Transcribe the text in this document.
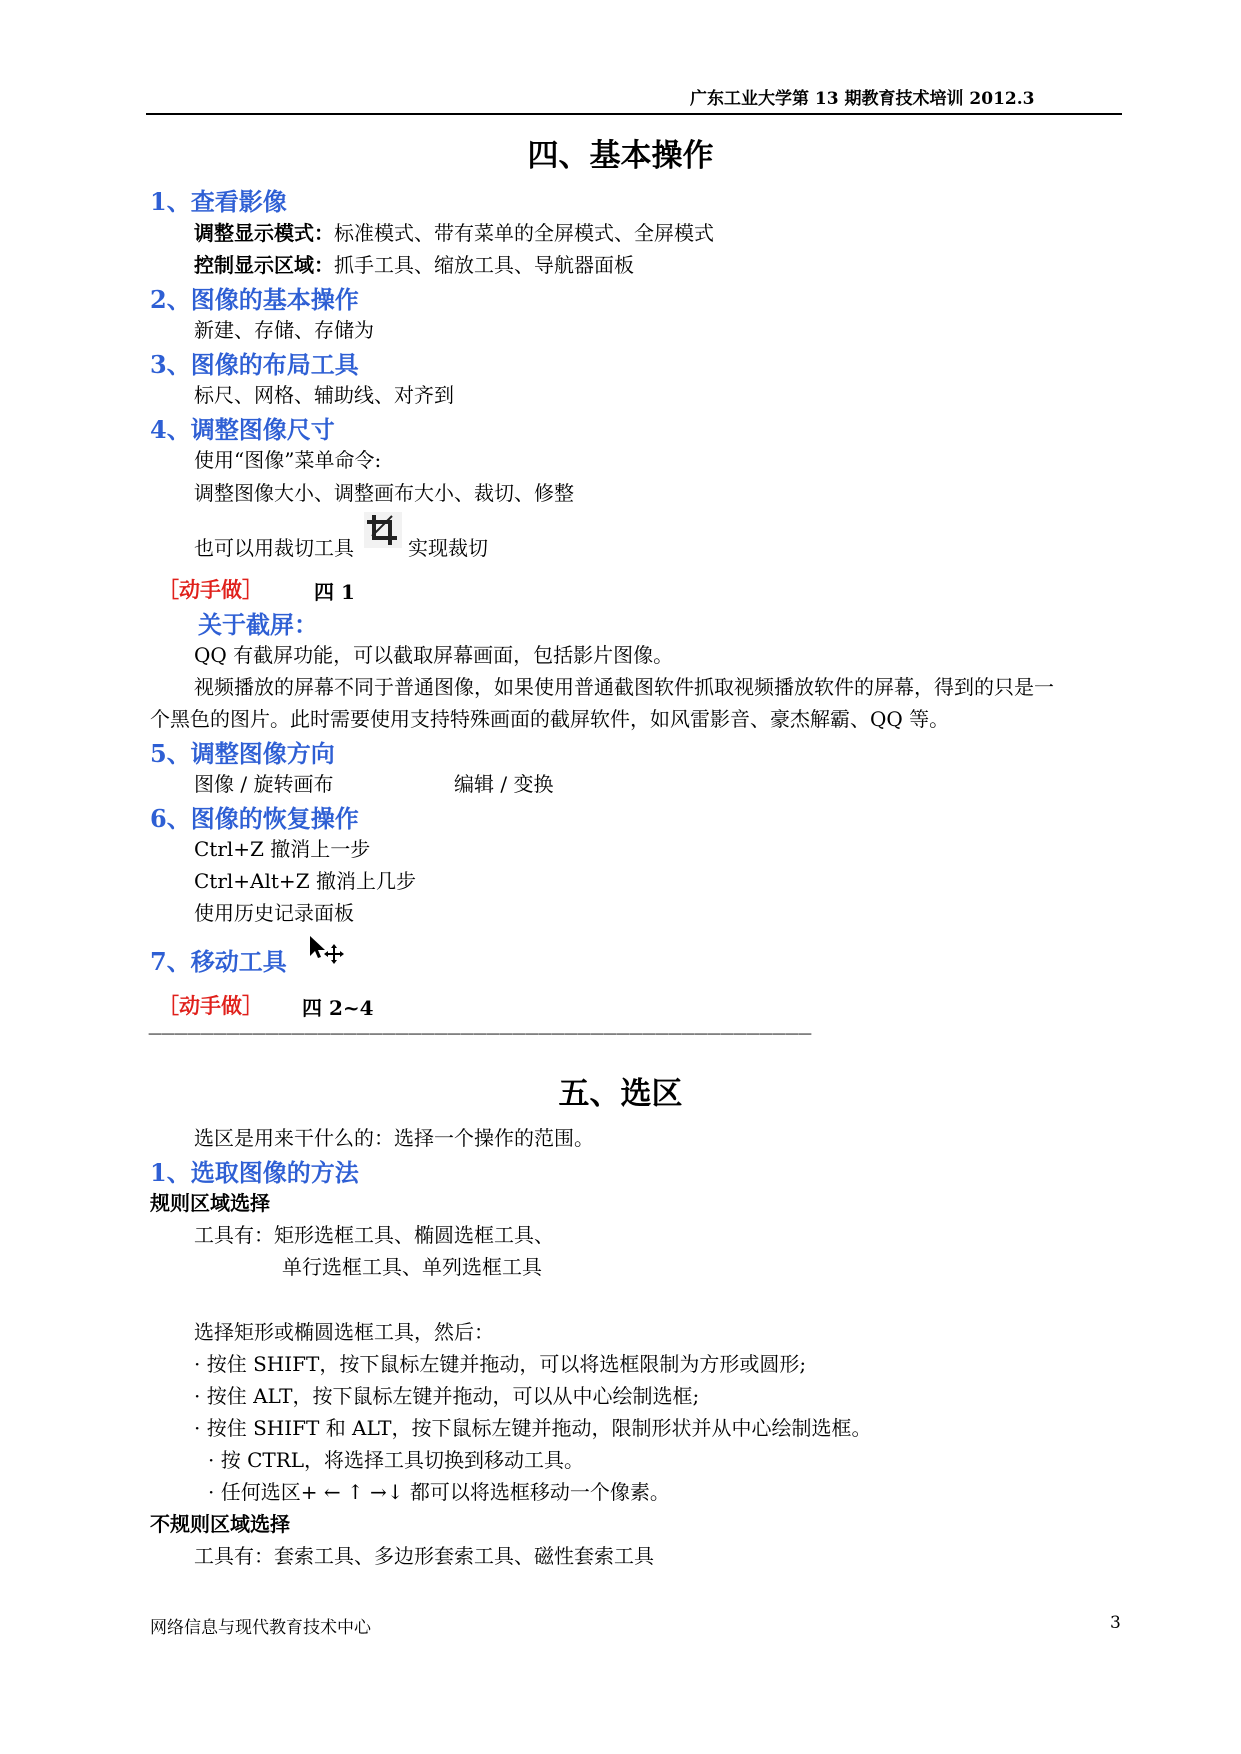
广东工业大学第 13 期教育技术培训 2012.3
四、基本操作
1、查看影像
调整显示模式：标准模式、带有菜单的全屏模式、全屏模式
控制显示区域：抓手工具、缩放工具、导航器面板
2、图像的基本操作
新建、存储、存储为
3、图像的布局工具
标尺、网格、辅助线、对齐到
4、调整图像尺寸
使用“图像”菜单命令:
调整图像大小、调整画布大小、裁切、修整
也可以用裁切工具	实现裁切
［动手做］	四 1
关于截屏：
QQ 有截屏功能，可以截取屏幕画面，包括影片图像。
视频播放的屏幕不同于普通图像，如果使用普通截图软件抓取视频播放软件的屏幕，得到的只是一
个黑色的图片。此时需要使用支持特殊画面的截屏软件，如风雷影音、豪杰解霸、QQ 等。
5、调整图像方向
图像 / 旋转画布	编辑 / 变换
6、图像的恢复操作
Ctrl+Z 撤消上一步
Ctrl+Alt+Z 撤消上几步
使用历史记录面板
7、移动工具
［动手做］ 四 2~4
———————————————————————————————————————————————————
五、选区
选区是用来干什么的：选择一个操作的范围。
1、选取图像的方法
规则区域选择
工具有：矩形选框工具、椭圆选框工具、
单行选框工具、单列选框工具
选择矩形或椭圆选框工具，然后：
· 按住 SHIFT，按下鼠标左键并拖动，可以将选框限制为方形或圆形;
· 按住 ALT，按下鼠标左键并拖动，可以从中心绘制选框;
· 按住 SHIFT 和 ALT，按下鼠标左键并拖动，限制形状并从中心绘制选框。
· 按 CTRL，将选择工具切换到移动工具。
· 任何选区+ ← ↑ →↓ 都可以将选框移动一个像素。
不规则区域选择
工具有：套索工具、多边形套索工具、磁性套索工具
网络信息与现代教育技术中心	3
